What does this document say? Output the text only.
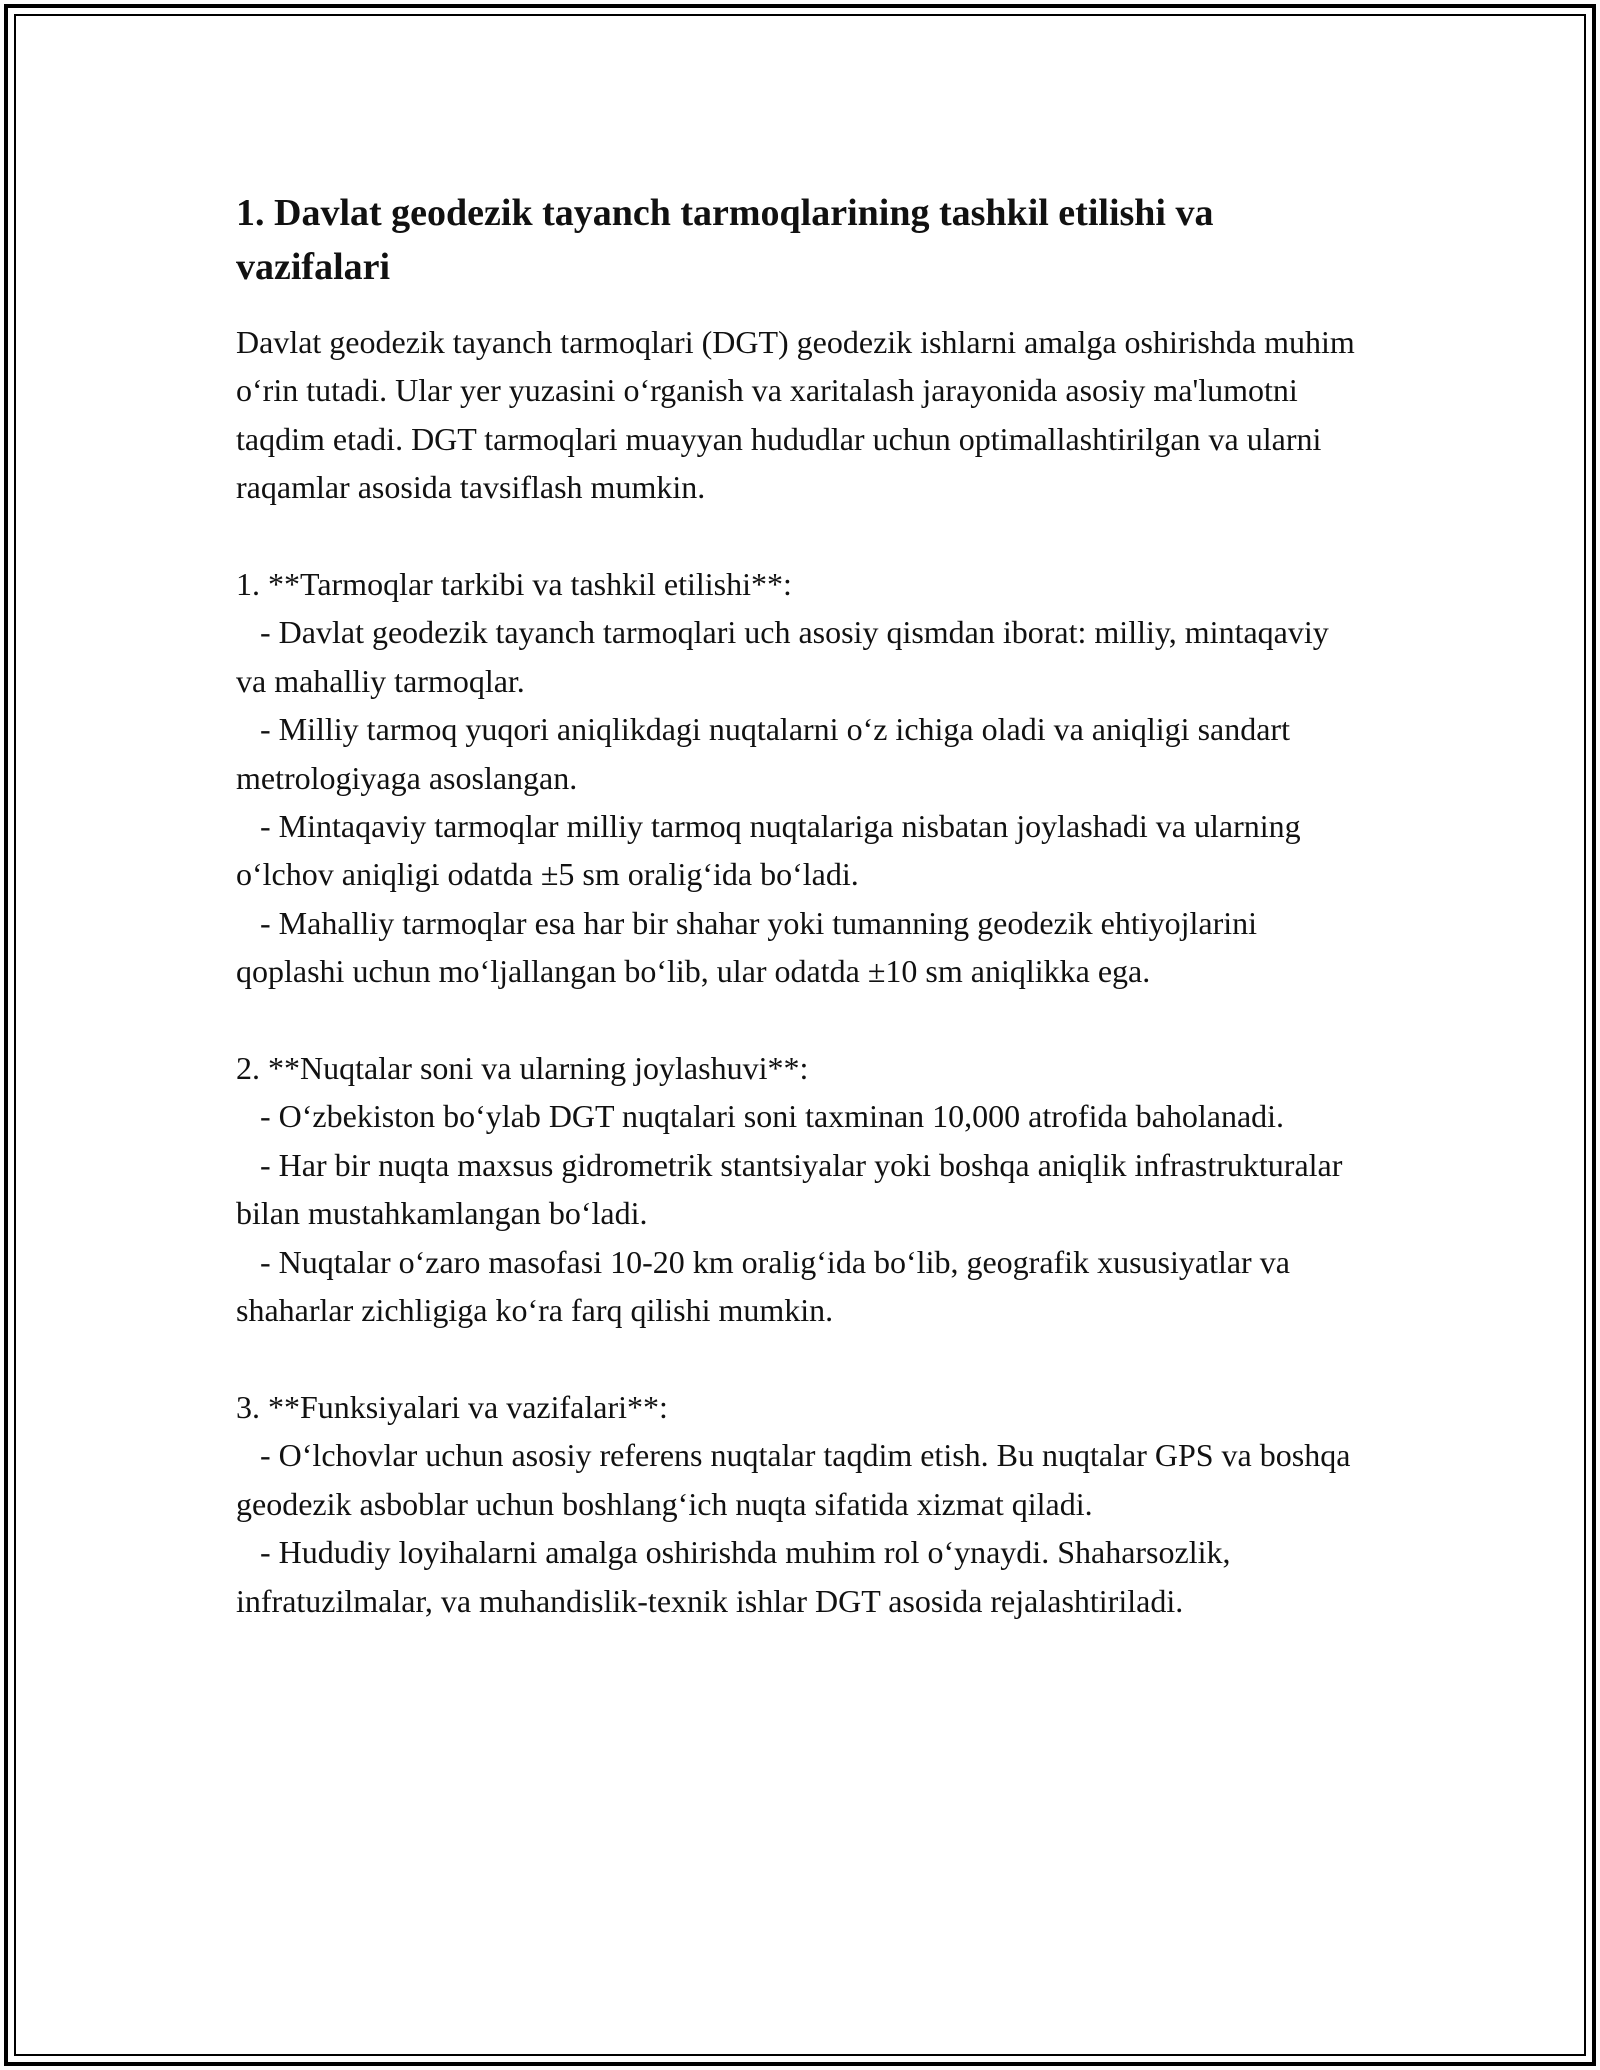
1. Davlat geodezik tayanch tarmoqlarining tashkil etilishi va vazifalari
Davlat geodezik tayanch tarmoqlari (DGT) geodezik ishlarni amalga oshirishda muhim o‘rin tutadi. Ular yer yuzasini o‘rganish va xaritalash jarayonida asosiy ma'lumotni taqdim etadi. DGT tarmoqlari muayyan hududlar uchun optimallashtirilgan va ularni raqamlar asosida tavsiflash mumkin.
1. **Tarmoqlar tarkibi va tashkil etilishi**:
- Davlat geodezik tayanch tarmoqlari uch asosiy qismdan iborat: milliy, mintaqaviy va mahalliy tarmoqlar.
- Milliy tarmoq yuqori aniqlikdagi nuqtalarni o‘z ichiga oladi va aniqligi sandart metrologiyaga asoslangan.
- Mintaqaviy tarmoqlar milliy tarmoq nuqtalariga nisbatan joylashadi va ularning o‘lchov aniqligi odatda ±5 sm oralig‘ida bo‘ladi.
- Mahalliy tarmoqlar esa har bir shahar yoki tumanning geodezik ehtiyojlarini qoplashi uchun mo‘ljallangan bo‘lib, ular odatda ±10 sm aniqlikka ega.
2. **Nuqtalar soni va ularning joylashuvi**:
- O‘zbekiston bo‘ylab DGT nuqtalari soni taxminan 10,000 atrofida baholanadi.
- Har bir nuqta maxsus gidrometrik stantsiyalar yoki boshqa aniqlik infrastrukturalar bilan mustahkamlangan bo‘ladi.
- Nuqtalar o‘zaro masofasi 10-20 km oralig‘ida bo‘lib, geografik xususiyatlar va shaharlar zichligiga ko‘ra farq qilishi mumkin.
3. **Funksiyalari va vazifalari**:
- O‘lchovlar uchun asosiy referens nuqtalar taqdim etish. Bu nuqtalar GPS va boshqa geodezik asboblar uchun boshlang‘ich nuqta sifatida xizmat qiladi.
- Hududiy loyihalarni amalga oshirishda muhim rol o‘ynaydi. Shaharsozlik, infratuzilmalar, va muhandislik-texnik ishlar DGT asosida rejalashtiriladi.
